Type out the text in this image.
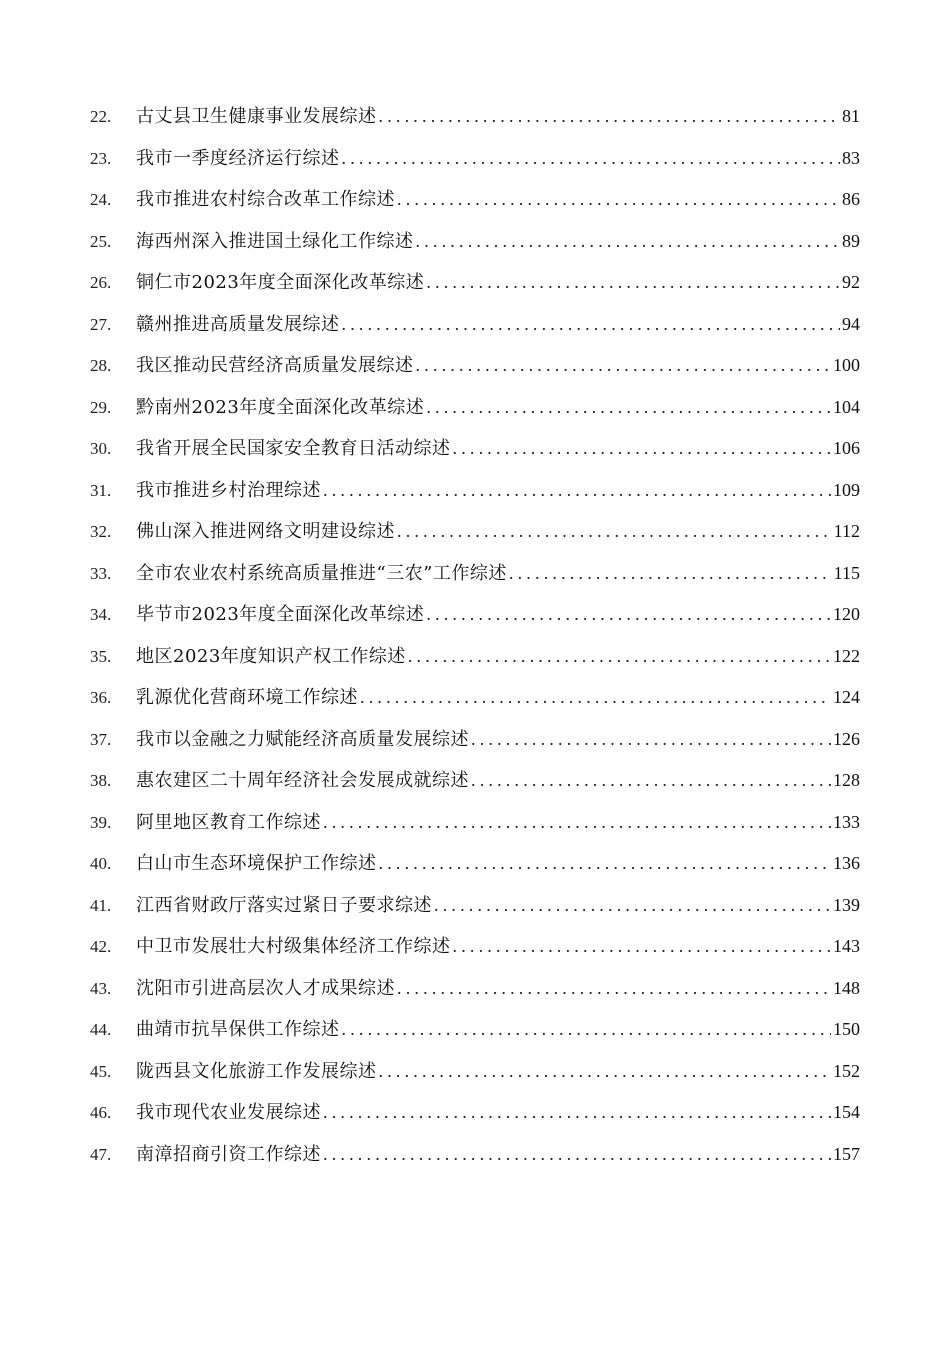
22.	古丈县卫生健康事业发展综述 .....	81
23.	我市一季度经济运行综述 .....	83
24.	我市推进农村综合改革工作综述 .....	86
25.	海西州深入推进国土绿化工作综述 .....	89
26.	铜仁市2023年度全面深化改革综述 .....	92
27.	赣州推进高质量发展综述 .....	94
28.	我区推动民营经济高质量发展综述 .....	100
29.	黔南州2023年度全面深化改革综述 .....	104
30.	我省开展全民国家安全教育日活动综述 .....	106
31.	我市推进乡村治理综述 .....	109
32.	佛山深入推进网络文明建设综述 .....	112
33.	全市农业农村系统高质量推进“三农”工作综述 .....	115
34.	毕节市2023年度全面深化改革综述 .....	120
35.	地区2023年度知识产权工作综述 .....	122
36.	乳源优化营商环境工作综述 .....	124
37.	我市以金融之力赋能经济高质量发展综述 .....	126
38.	惠农建区二十周年经济社会发展成就综述 .....	128
39.	阿里地区教育工作综述 .....	133
40.	白山市生态环境保护工作综述 .....	136
41.	江西省财政厅落实过紧日子要求综述 .....	139
42.	中卫市发展壮大村级集体经济工作综述 .....	143
43.	沈阳市引进高层次人才成果综述 .....	148
44.	曲靖市抗旱保供工作综述 .....	150
45.	陇西县文化旅游工作发展综述 .....	152
46.	我市现代农业发展综述 .....	154
47.	南漳招商引资工作综述 .....	157
